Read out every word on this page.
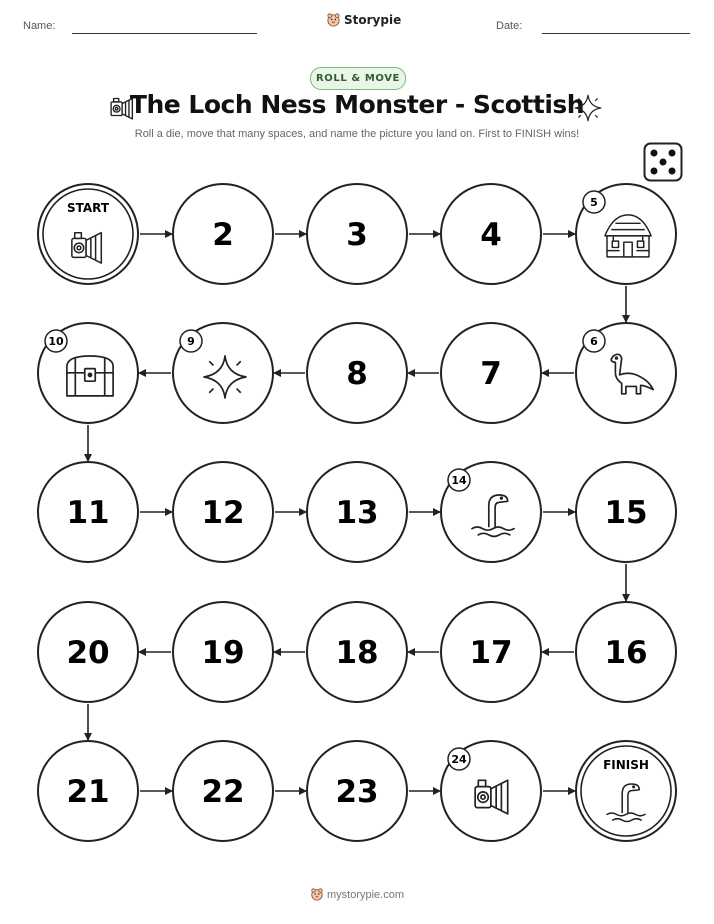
Name:	Storypie	Date:
ROLL & MOVE
The Loch Ness Monster - Scottish
Roll a die, move that many spaces, and name the picture you land on. First to FINISH wins!
START
2	3	4
5
6
7
8
9
10
11	12	13
14
15
16
17
18
19
20
21	22	23
24	FINISH
mystorypie.com
